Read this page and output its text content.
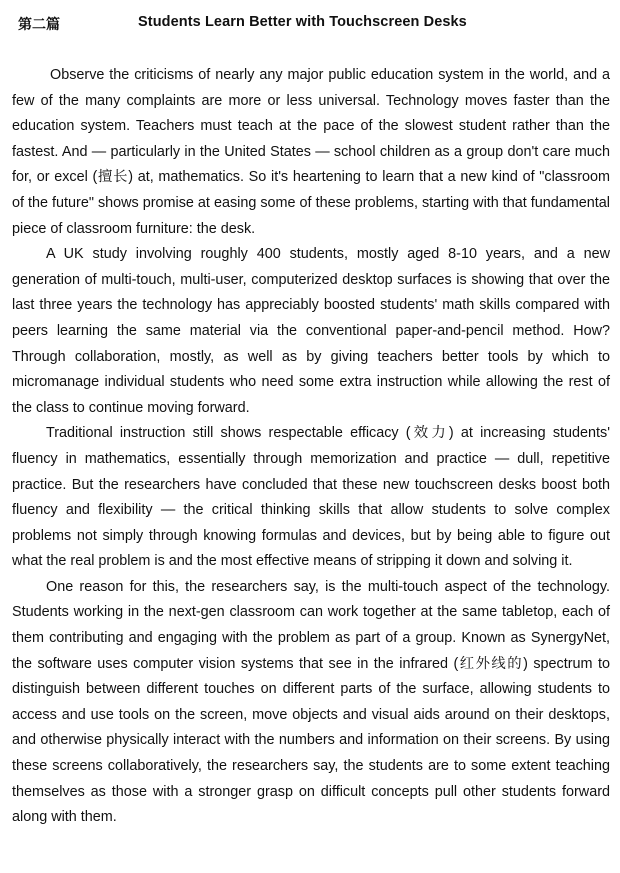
第二篇	Students Learn Better with Touchscreen Desks

Observe the criticisms of nearly any major public education system in the world, and a few of the many complaints are more or less universal. Technology moves faster than the education system. Teachers must teach at the pace of the slowest student rather than the fastest. And — particularly in the United States — school children as a group don't care much for, or excel (擅长) at, mathematics. So it's heartening to learn that a new kind of "classroom of the future" shows promise at easing some of these problems, starting with that fundamental piece of classroom furniture: the desk.

A UK study involving roughly 400 students, mostly aged 8-10 years, and a new generation of multi-touch, multi-user, computerized desktop surfaces is showing that over the last three years the technology has appreciably boosted students' math skills compared with peers learning the same material via the conventional paper-and-pencil method. How? Through collaboration, mostly, as well as by giving teachers better tools by which to micromanage individual students who need some extra instruction while allowing the rest of the class to continue moving forward.

Traditional instruction still shows respectable efficacy (效力) at increasing students' fluency in mathematics, essentially through memorization and practice — dull, repetitive practice. But the researchers have concluded that these new touchscreen desks boost both fluency and flexibility — the critical thinking skills that allow students to solve complex problems not simply through knowing formulas and devices, but by being able to figure out what the real problem is and the most effective means of stripping it down and solving it.

One reason for this, the researchers say, is the multi-touch aspect of the technology. Students working in the next-gen classroom can work together at the same tabletop, each of them contributing and engaging with the problem as part of a group. Known as SynergyNet, the software uses computer vision systems that see in the infrared (红外线的) spectrum to distinguish between different touches on different parts of the surface, allowing students to access and use tools on the screen, move objects and visual aids around on their desktops, and otherwise physically interact with the numbers and information on their screens. By using these screens collaboratively, the researchers say, the students are to some extent teaching themselves as those with a stronger grasp on difficult concepts pull other students forward along with them.
